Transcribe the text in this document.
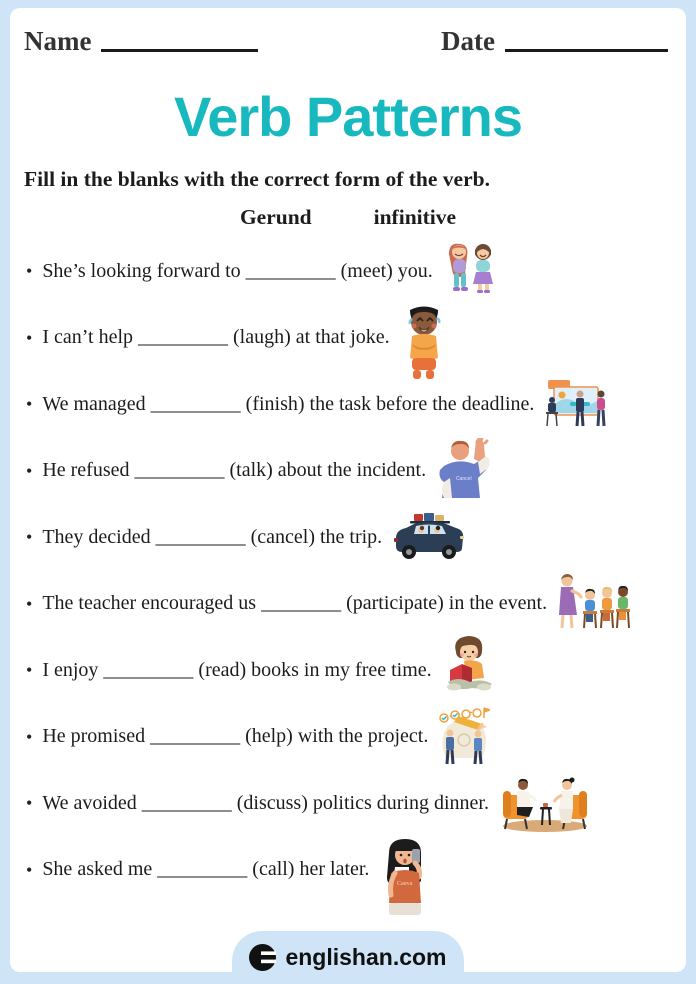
Name	Date
Verb Patterns
Fill in the blanks with the correct form of the verb.
Gerund	infinitive
• She’s looking forward to _________ (meet) you.
• I can’t help _________ (laugh) at that joke.
• We managed _________ (finish) the task before the deadline.
• He refused _________ (talk) about the incident.	Cancel
• They decided _________ (cancel) the trip.
• The teacher encouraged us ________ (participate) in the event.
• I enjoy _________ (read) books in my free time.
• He promised _________ (help) with the project.
• We avoided _________ (discuss) politics during dinner.
• She asked me _________ (call) her later.
Canva
englishan.com
